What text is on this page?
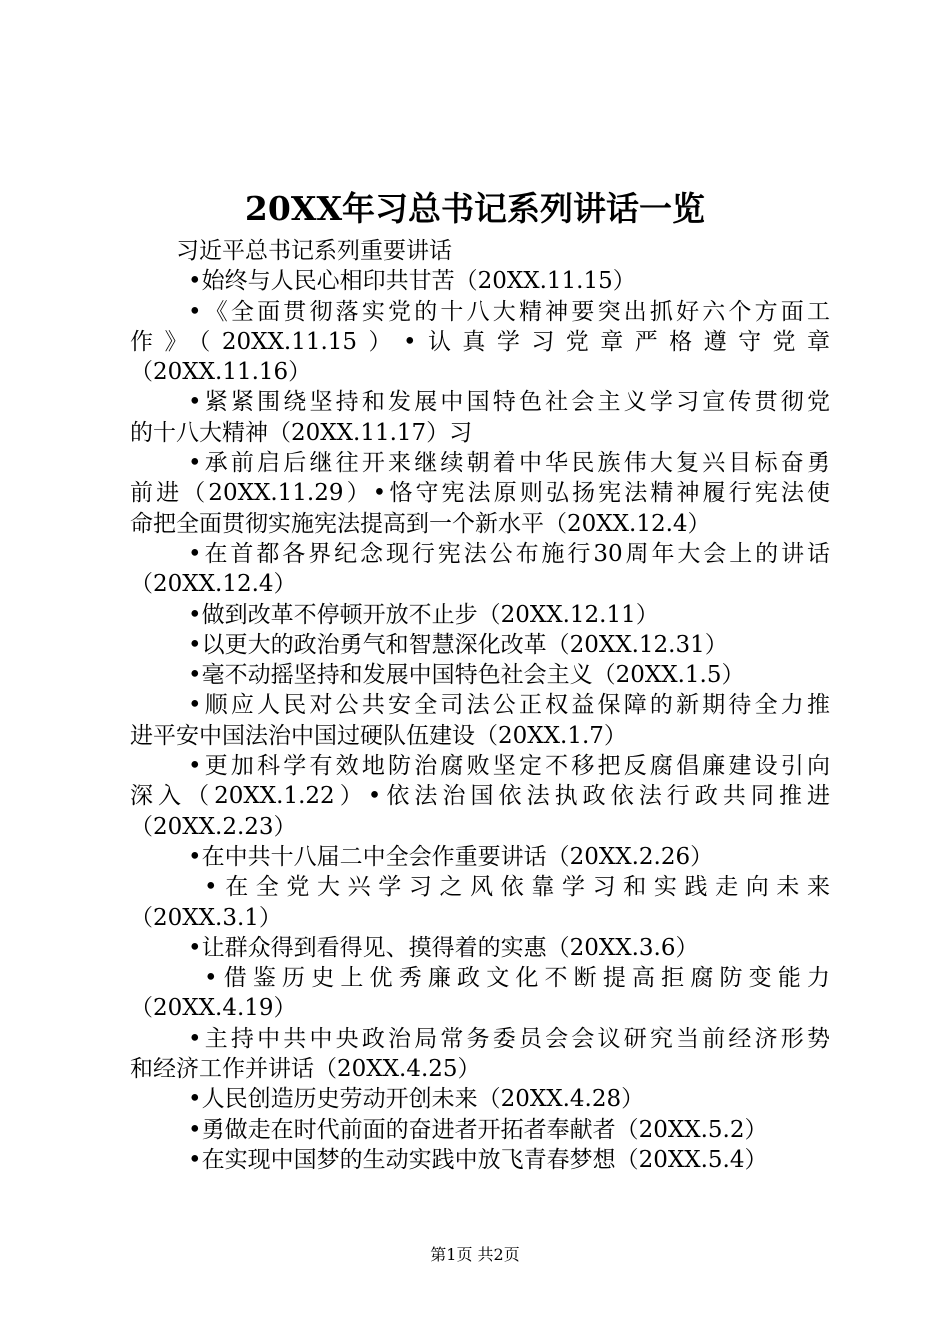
20XX年习总书记系列讲话一览
习近平总书记系列重要讲话
•始终与人民心相印共甘苦（20XX.11.15）
•《全面贯彻落实党的十八大精神要突出抓好六个方面工
作》（20XX.11.15）•认真学习党章严格遵守党章
（20XX.11.16）
•紧紧围绕坚持和发展中国特色社会主义学习宣传贯彻党
的十八大精神（20XX.11.17）习
•承前启后继往开来继续朝着中华民族伟大复兴目标奋勇
前进（20XX.11.29）•恪守宪法原则弘扬宪法精神履行宪法使
命把全面贯彻实施宪法提高到一个新水平（20XX.12.4）
•在首都各界纪念现行宪法公布施行30周年大会上的讲话
（20XX.12.4）
•做到改革不停顿开放不止步（20XX.12.11）
•以更大的政治勇气和智慧深化改革（20XX.12.31）
•毫不动摇坚持和发展中国特色社会主义（20XX.1.5）
•顺应人民对公共安全司法公正权益保障的新期待全力推
进平安中国法治中国过硬队伍建设（20XX.1.7）
•更加科学有效地防治腐败坚定不移把反腐倡廉建设引向
深入（20XX.1.22）•依法治国依法执政依法行政共同推进
（20XX.2.23）
•在中共十八届二中全会作重要讲话（20XX.2.26）
•在全党大兴学习之风依靠学习和实践走向未来
（20XX.3.1）
•让群众得到看得见、摸得着的实惠（20XX.3.6）
•借鉴历史上优秀廉政文化不断提高拒腐防变能力
（20XX.4.19）
•主持中共中央政治局常务委员会会议研究当前经济形势
和经济工作并讲话（20XX.4.25）
•人民创造历史劳动开创未来（20XX.4.28）
•勇做走在时代前面的奋进者开拓者奉献者（20XX.5.2）
•在实现中国梦的生动实践中放飞青春梦想（20XX.5.4）
第1页 共2页
